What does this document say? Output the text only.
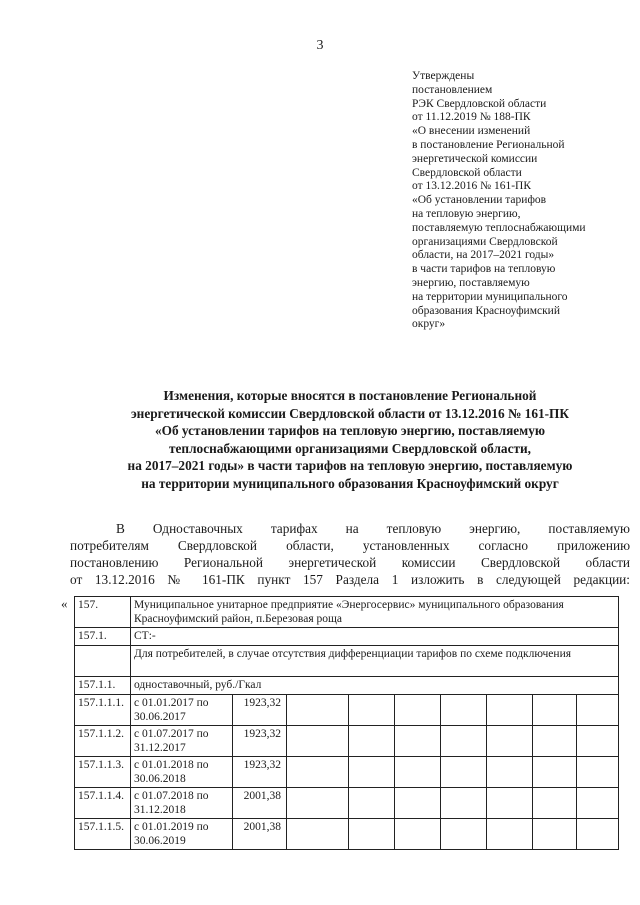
3
Утверждены
постановлением
РЭК Свердловской области
от 11.12.2019 № 188-ПК
«О внесении изменений
в постановление Региональной
энергетической комиссии
Свердловской области
от 13.12.2016 № 161-ПК
«Об установлении тарифов
на тепловую энергию,
поставляемую теплоснабжающими
организациями Свердловской
области, на 2017–2021 годы»
в части тарифов на тепловую
энергию, поставляемую
на территории муниципального
образования Красноуфимский
округ»
Изменения, которые вносятся в постановление Региональной
энергетической комиссии Свердловской области от 13.12.2016 № 161-ПК
«Об установлении тарифов на тепловую энергию, поставляемую
теплоснабжающими организациями Свердловской области,
на 2017–2021 годы» в части тарифов на тепловую энергию, поставляемую
на территории муниципального образования Красноуфимский округ
В Одноставочных тарифах на тепловую энергию, поставляемую
потребителям Свердловской области, установленных согласно приложению
постановлению Региональной энергетической комиссии Свердловской области
от 13.12.2016 № 161-ПК пункт 157 Раздела 1 изложить в следующей редакции:
« 157.	Муниципальное унитарное предприятие «Энергосервис» муниципального образования Красноуфимский район, п.Березовая роща								
157.1.	СТ:-								
	Для потребителей, в случае отсутствия дифференциации тарифов по схеме подключения								
157.1.1.	одноставочный, руб./Гкал								
157.1.1.1.	с 01.01.2017 по 30.06.2017	1923,32							
157.1.1.2.	с 01.07.2017 по 31.12.2017	1923,32							
157.1.1.3.	с 01.01.2018 по 30.06.2018	1923,32							
157.1.1.4.	с 01.07.2018 по 31.12.2018	2001,38							
157.1.1.5.	с 01.01.2019 по 30.06.2019	2001,38							
